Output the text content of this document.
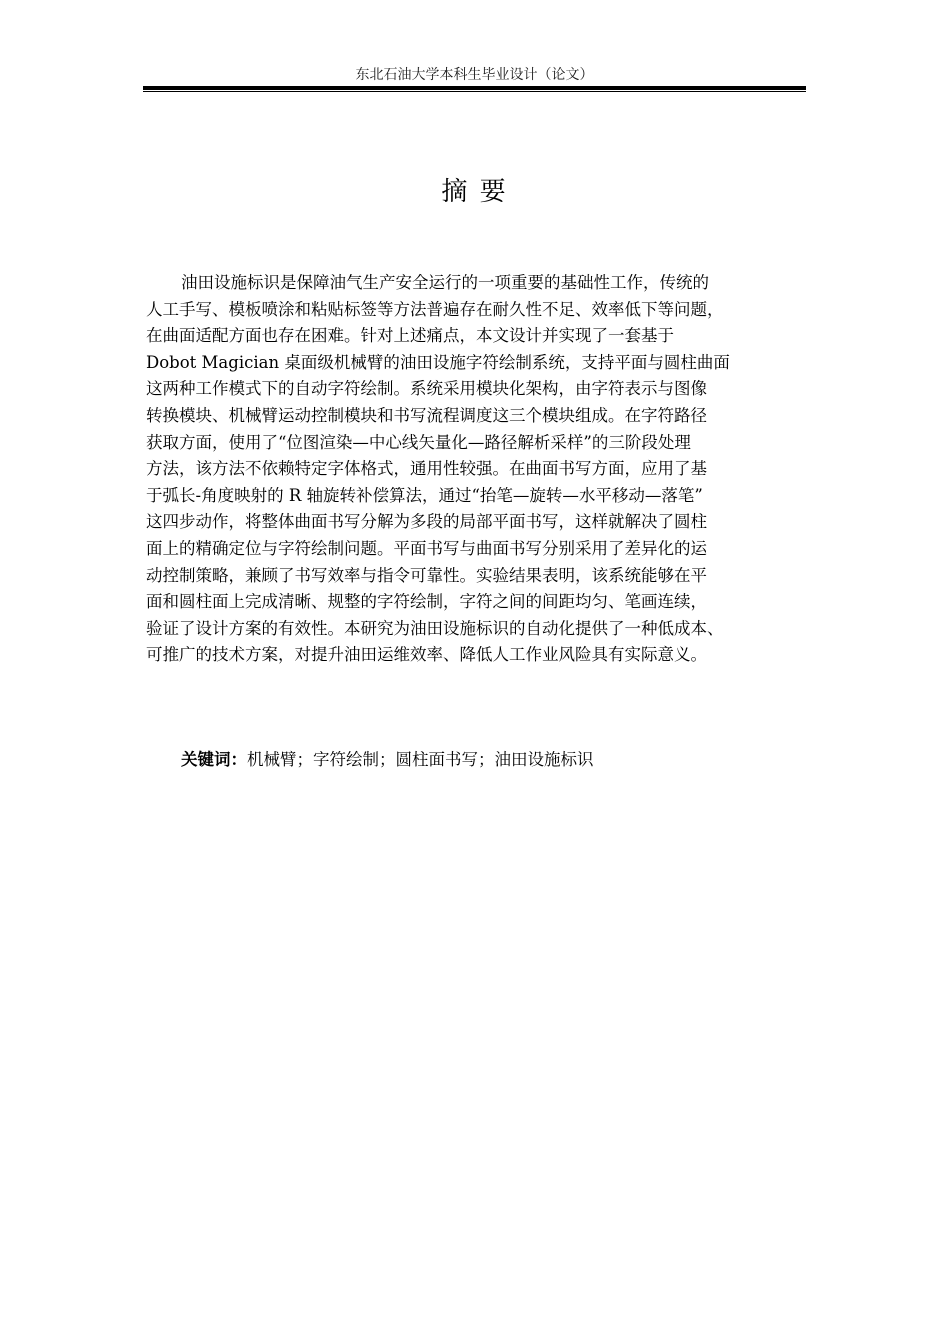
东北石油大学本科生毕业设计（论文）
摘 要
油田设施标识是保障油气生产安全运行的一项重要的基础性工作，传统的
人工手写、模板喷涂和粘贴标签等方法普遍存在耐久性不足、效率低下等问题，
在曲面适配方面也存在困难。针对上述痛点，本文设计并实现了一套基于
Dobot Magician 桌面级机械臂的油田设施字符绘制系统，支持平面与圆柱曲面
这两种工作模式下的自动字符绘制。系统采用模块化架构，由字符表示与图像
转换模块、机械臂运动控制模块和书写流程调度这三个模块组成。在字符路径
获取方面，使用了“位图渲染—中心线矢量化—路径解析采样”的三阶段处理
方法，该方法不依赖特定字体格式，通用性较强。在曲面书写方面，应用了基
于弧长-角度映射的 R 轴旋转补偿算法，通过“抬笔—旋转—水平移动—落笔”
这四步动作，将整体曲面书写分解为多段的局部平面书写，这样就解决了圆柱
面上的精确定位与字符绘制问题。平面书写与曲面书写分别采用了差异化的运
动控制策略，兼顾了书写效率与指令可靠性。实验结果表明，该系统能够在平
面和圆柱面上完成清晰、规整的字符绘制，字符之间的间距均匀、笔画连续，
验证了设计方案的有效性。本研究为油田设施标识的自动化提供了一种低成本、
可推广的技术方案，对提升油田运维效率、降低人工作业风险具有实际意义。
关键词：机械臂；字符绘制；圆柱面书写；油田设施标识
